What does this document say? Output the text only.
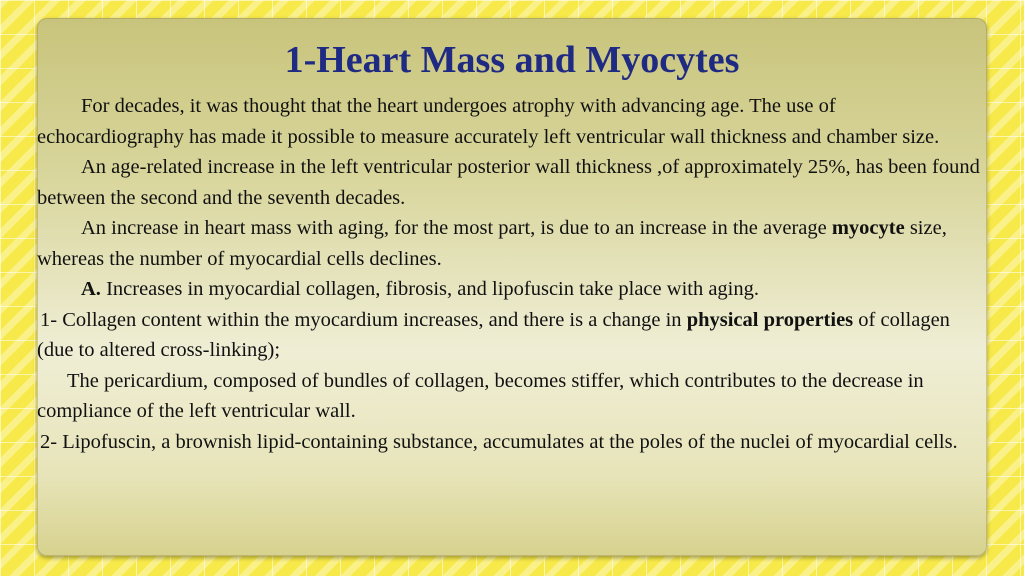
1-Heart Mass and Myocytes

For decades, it was thought that the heart undergoes atrophy with advancing age. The use of echocardiography has made it possible to measure accurately left ventricular wall thickness and chamber size.

An age-related increase in the left ventricular posterior wall thickness ,of approximately 25%, has been found between the second and the seventh decades.

An increase in heart mass with aging, for the most part, is due to an increase in the average myocyte size, whereas the number of myocardial cells declines.

A. Increases in myocardial collagen, fibrosis, and lipofuscin take place with aging.

1- Collagen content within the myocardium increases, and there is a change in physical properties of collagen (due to altered cross-linking);

The pericardium, composed of bundles of collagen, becomes stiffer, which contributes to the decrease in compliance of the left ventricular wall.

2- Lipofuscin, a brownish lipid-containing substance, accumulates at the poles of the nuclei of myocardial cells.
